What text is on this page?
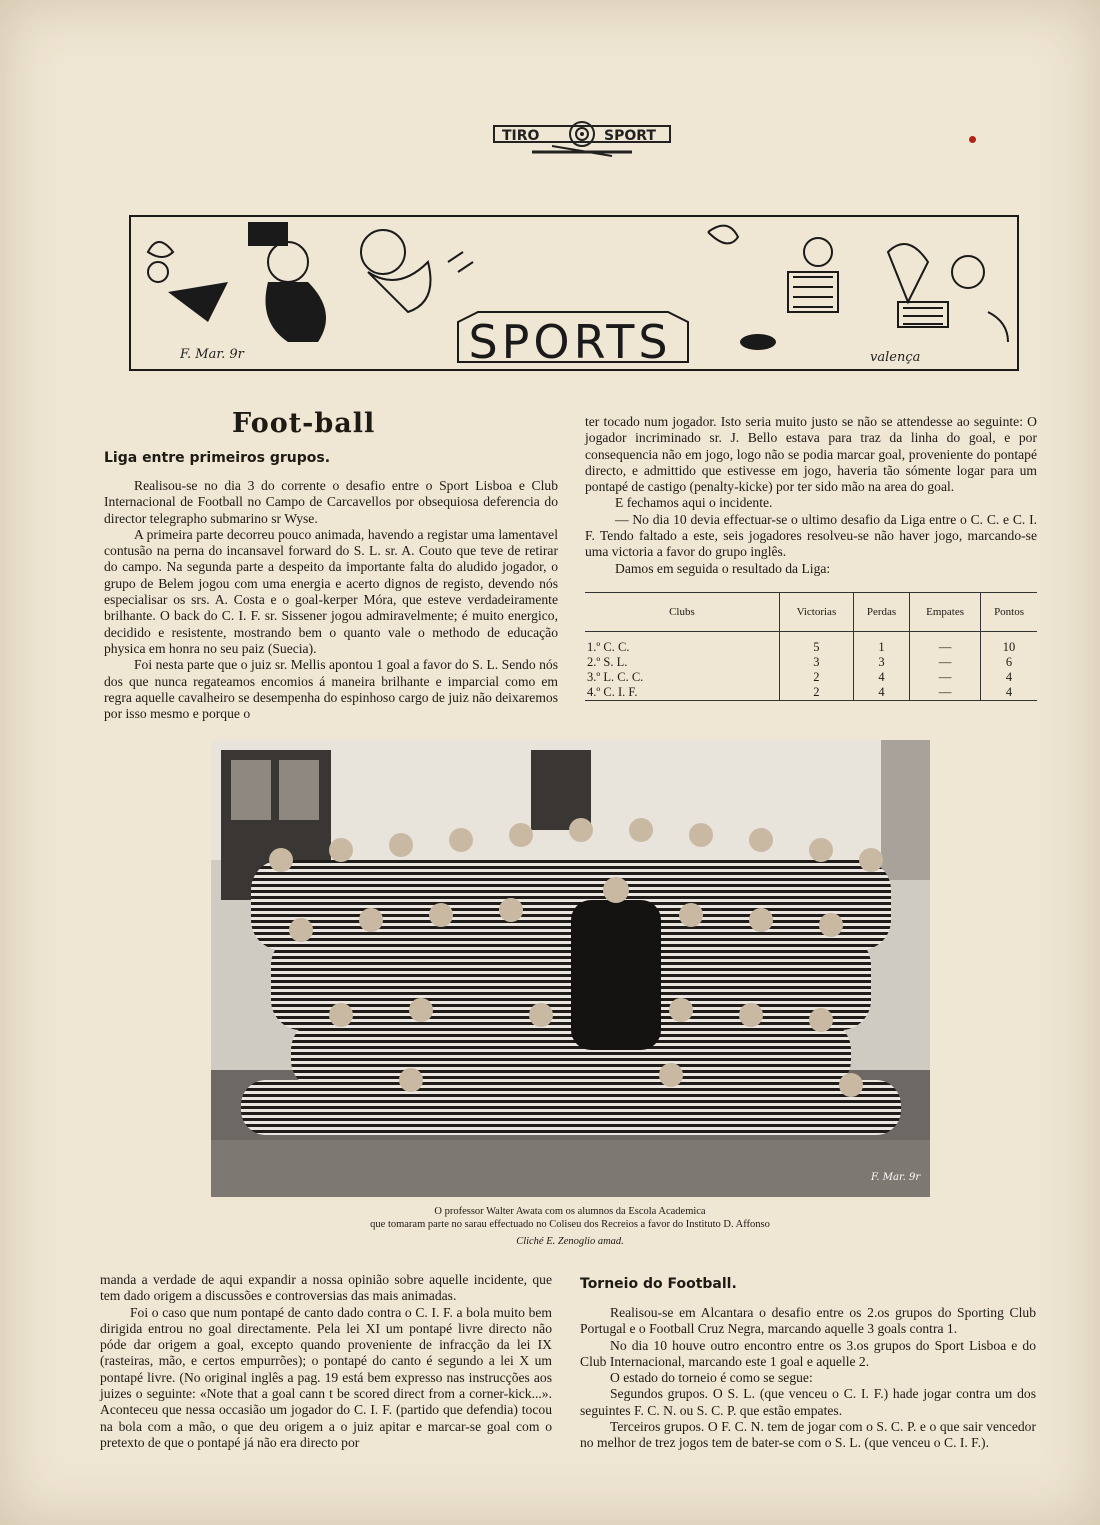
TIRO	SPORT
SPORTS
F. Mar. 9r	valença
Foot-ball
Liga entre primeiros grupos.

Realisou-se no dia 3 do corrente o desafio entre o Sport Lisboa e Club Internacional de Football no Campo de Carcavellos por obsequiosa deferencia do director telegrapho submarino sr Wyse.

A primeira parte decorreu pouco animada, havendo a registar uma lamentavel contusão na perna do incansavel forward do S. L. sr. A. Couto que teve de retirar do campo. Na segunda parte a despeito da importante falta do aludido jogador, o grupo de Belem jogou com uma energia e acerto dignos de registo, devendo nós especialisar os srs. A. Costa e o goal-kerper Móra, que esteve verdadeiramente brilhante. O back do C. I. F. sr. Sissener jogou admiravelmente; é muito energico, decidido e resistente, mostrando bem o quanto vale o methodo de educação physica em honra no seu paiz (Suecia).

Foi nesta parte que o juiz sr. Mellis apontou 1 goal a favor do S. L. Sendo nós dos que nunca regateamos encomios á maneira brilhante e imparcial como em regra aquelle cavalheiro se desempenha do espinhoso cargo de juiz não deixaremos por isso mesmo e porque o

ter tocado num jogador. Isto seria muito justo se não se attendesse ao seguinte: O jogador incriminado sr. J. Bello estava para traz da linha do goal, e por consequencia não em jogo, logo não se podia marcar goal, proveniente do pontapé directo, e admittido que estivesse em jogo, haveria tão sómente logar para um pontapé de castigo (penalty-kicke) por ter sido mão na area do goal.

E fechamos aqui o incidente.

— No dia 10 devia effectuar-se o ultimo desafio da Liga entre o C. C. e C. I. F. Tendo faltado a este, seis jogadores resolveu-se não haver jogo, marcando-se uma victoria a favor do grupo inglês.

Damos em seguida o resultado da Liga:

Clubs	Victorias	Perdas	Empates	Pontos
1.º C. C.	5	1	—	10
2.º S. L.	3	3	—	6
3.º L. C. C.	2	4	—	4
4.º C. I. F.	2	4	—	4
F. Mar. 9r
O professor Walter Awata com os alumnos da Escola Academica
que tomaram parte no sarau effectuado no Coliseu dos Recreios a favor do Instituto D. Affonso
Cliché E. Zenoglio amad.

manda a verdade de aqui expandir a nossa opinião sobre aquelle incidente, que tem dado origem a discussões e controversias das mais animadas.

Foi o caso que num pontapé de canto dado contra o C. I. F. a bola muito bem dirigida entrou no goal directamente. Pela lei XI um pontapé livre directo não póde dar origem a goal, excepto quando proveniente de infracção da lei IX (rasteiras, mão, e certos empurrões); o pontapé do canto é segundo a lei X um pontapé livre. (No original inglês a pag. 19 está bem expresso nas instrucções aos juizes o seguinte: «Note that a goal cann t be scored direct from a corner-kick...». Aconteceu que nessa occasião um jogador do C. I. F. (partido que defendia) tocou na bola com a mão, o que deu origem a o juiz apitar e marcar-se goal com o pretexto de que o pontapé já não era directo por

Torneio do Football.

Realisou-se em Alcantara o desafio entre os 2.os grupos do Sporting Club Portugal e o Football Cruz Negra, marcando aquelle 3 goals contra 1.

No dia 10 houve outro encontro entre os 3.os grupos do Sport Lisboa e do Club Internacional, marcando este 1 goal e aquelle 2.

O estado do torneio é como se segue:

Segundos grupos. O S. L. (que venceu o C. I. F.) hade jogar contra um dos seguintes F. C. N. ou S. C. P. que estão empates.

Terceiros grupos. O F. C. N. tem de jogar com o S. C. P. e o que sair vencedor no melhor de trez jogos tem de bater-se com o S. L. (que venceu o C. I. F.).
